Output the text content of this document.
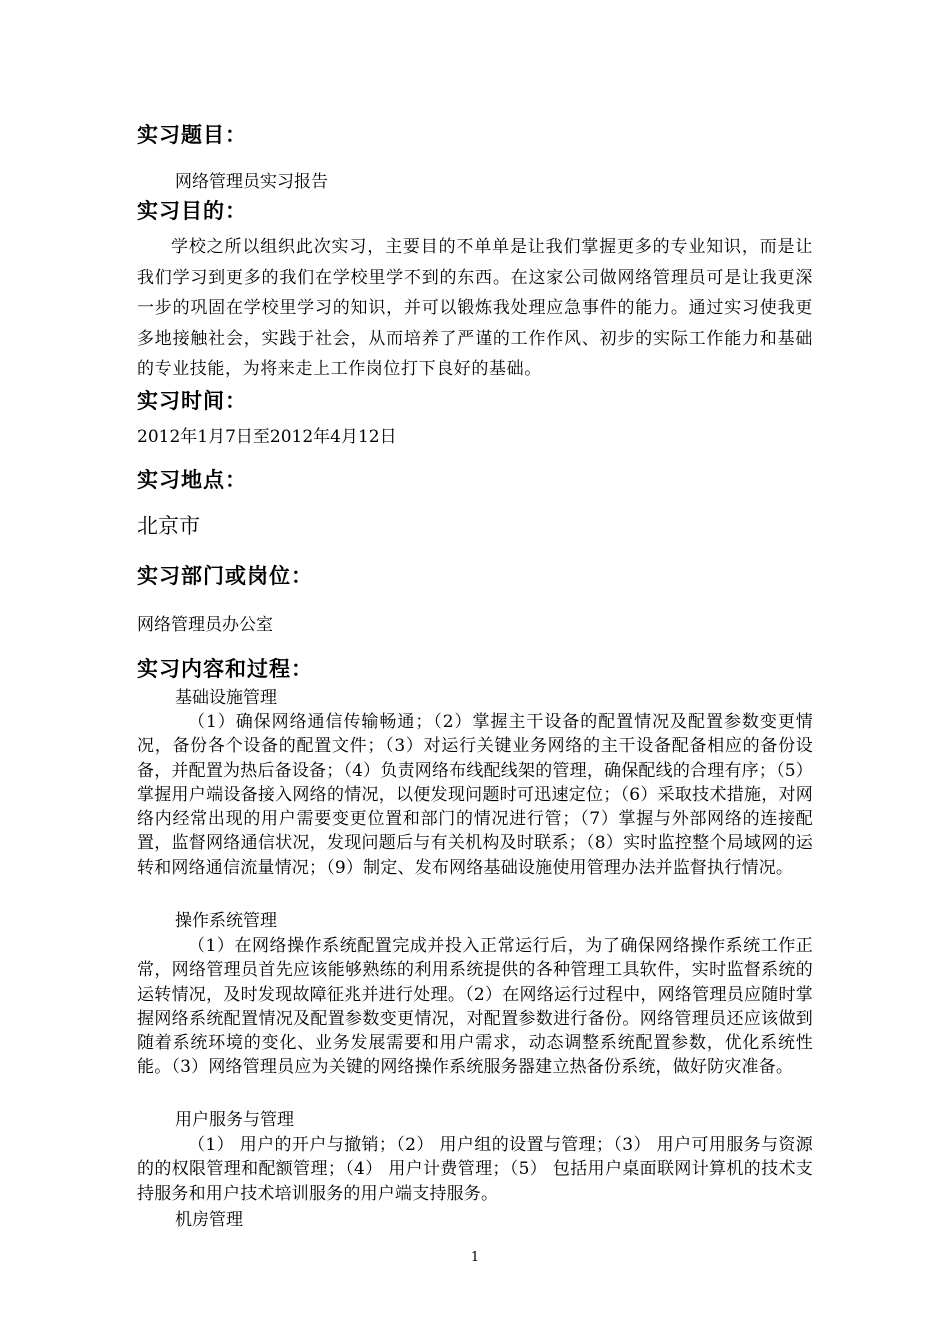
实习题目：
网络管理员实习报告
实习目的：

学校之所以组织此次实习，主要目的不单单是让我们掌握更多的专业知识，而是让我们学习到更多的我们在学校里学不到的东西。在这家公司做网络管理员可是让我更深一步的巩固在学校里学习的知识，并可以锻炼我处理应急事件的能力。通过实习使我更多地接触社会，实践于社会，从而培养了严谨的工作作风、初步的实际工作能力和基础的专业技能，为将来走上工作岗位打下良好的基础。

实习时间：
2012年1月7日至2012年4月12日
实习地点：
北京市
实习部门或岗位：
网络管理员办公室
实习内容和过程：
基础设施管理

（1）确保网络通信传输畅通；（2）掌握主干设备的配置情况及配置参数变更情况，备份各个设备的配置文件；（3）对运行关键业务网络的主干设备配备相应的备份设备，并配置为热后备设备；（4）负责网络布线配线架的管理，确保配线的合理有序；（5）掌握用户端设备接入网络的情况，以便发现问题时可迅速定位；（6）采取技术措施，对网络内经常出现的用户需要变更位置和部门的情况进行管；（7）掌握与外部网络的连接配置，监督网络通信状况，发现问题后与有关机构及时联系；（8）实时监控整个局域网的运转和网络通信流量情况；（9）制定、发布网络基础设施使用管理办法并监督执行情况。

操作系统管理

（1）在网络操作系统配置完成并投入正常运行后，为了确保网络操作系统工作正常，网络管理员首先应该能够熟练的利用系统提供的各种管理工具软件，实时监督系统的运转情况，及时发现故障征兆并进行处理。（2）在网络运行过程中，网络管理员应随时掌握网络系统配置情况及配置参数变更情况，对配置参数进行备份。网络管理员还应该做到随着系统环境的变化、业务发展需要和用户需求，动态调整系统配置参数，优化系统性能。（3）网络管理员应为关键的网络操作系统服务器建立热备份系统，做好防灾准备。

用户服务与管理

（1） 用户的开户与撤销；（2） 用户组的设置与管理；（3） 用户可用服务与资源的的权限管理和配额管理；（4） 用户计费管理；（5） 包括用户桌面联网计算机的技术支持服务和用户技术培训服务的用户端支持服务。

机房管理
1
